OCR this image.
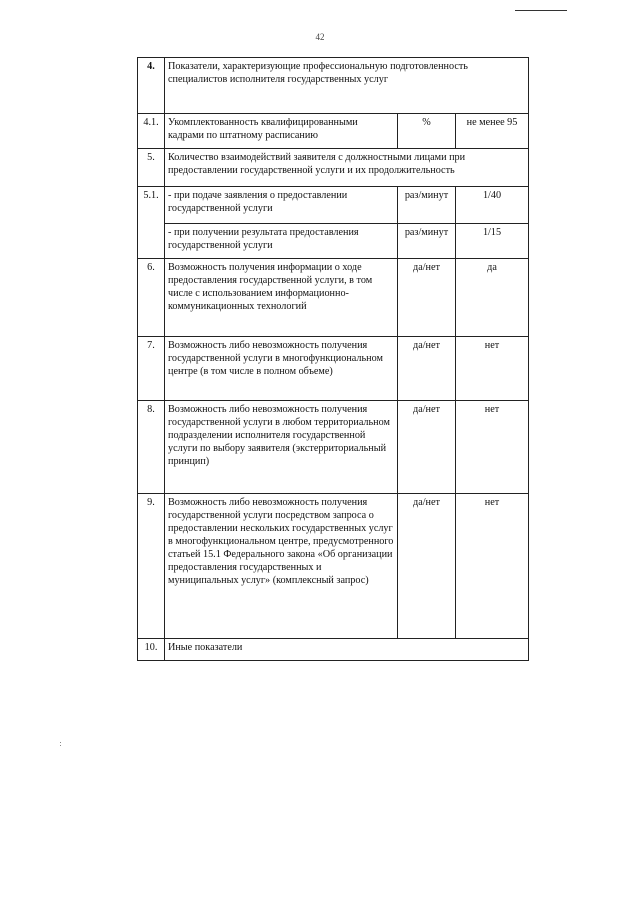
42
4.	Показатели, характеризующие профессиональную подготовленность специалистов исполнителя государственных услуг		
4.1.	Укомплектованность квалифицированными кадрами по штатному расписанию	%	не менее 95
5.	Количество взаимодействий заявителя с должностными лицами при предоставлении государственной услуги и их продолжительность		
5.1.	- при подаче заявления о предоставлении государственной услуги	раз/минут	1/40
	- при получении результата предоставления государственной услуги	раз/минут	1/15
6.	Возможность получения информации о ходе предоставления государственной услуги, в том числе с использованием информационно-коммуникационных технологий	да/нет	да
7.	Возможность либо невозможность получения государственной услуги в многофункциональном центре (в том числе в полном объеме)	да/нет	нет
8.	Возможность либо невозможность получения государственной услуги в любом территориальном подразделении исполнителя государственной услуги по выбору заявителя (экстерриториальный принцип)	да/нет	нет
9.	Возможность либо невозможность получения государственной услуги посредством запроса о предоставлении нескольких государственных услуг в многофункциональном центре, предусмотренного статьей 15.1 Федерального закона «Об организации предоставления государственных и муниципальных услуг» (комплексный запрос)	да/нет	нет
10.	Иные показатели		
